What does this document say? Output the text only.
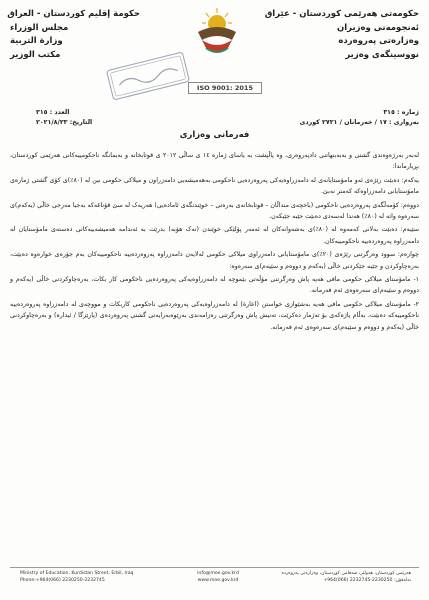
حکومەتی هەرێمی کوردستان - عێراق
ئەنجومەنی وەزیران
وەزارەتی پەروەردە
نووسینگەی وەزیر
حكومة إقليم كوردستان - العراق
مجلس الوزراء
وزارة التربية
مكتب الوزير
ISO 9001: 2015
ژمارە : ٣١٥
بەرواری : ١٧ / خەرمانان / ٢٧٢١ کوردی
العدد : ٣١٥
التاريخ: ٢٠٢١/٨/٢٣
فەرمانی وەزاری

لەبەر بەرژەوەندی گشتی و بەبەبنهاتنی دادپەروەری، وە پاڵپشت بە یاسای ژمارە ١٤ ی ساڵی ٢٠١٢ ی قوتابخانە و بەیمانگە ناحکومییەکانی هەرێمی کوردستان، بڕیارماندا:

یەکەم: دەبێت رێژەی ئەو مامۆستایانەی لە دامەزراوەیەکی پەروەردەیی ناحکومی بەهەمیشەیی دامەزراون و میلاکی حکومی نین لە (٨٠٪)ی کۆی گشتی ژمارەی مامۆستایانی دامەزراوەکە کەمتر نەبێ.

دووەم: کۆمەڵگەی پەروەردەیی ناحکومی (باخچەی منداڵان – قوتابخانەی بەرەتی – خوێندنگەی ئامادەیی) هەریەک لە سێ قۆناغەکە بەجیا مەرجی خاڵی (یەکەم)ی سەرەوە واتە لە (٨٠٪) هەندا لەسەدی دەبێت جێبە جێبکەن.

سێیەم: دەبێت بەلانی کەمەوە لە (٨٠٪)ی بەشەوانەکان لە ئەمەر پۆلێکی خوێندن (نەک هۆبە) بدرێت بە ئەندامە هەمیشەییەکانی دەستەی مامۆستایان لە دامەزراوە پەروەردەییە ناحکومییەکان.

چوارەم: سوود وەرگرتنی رێژەی (٢٠٪)ی مامۆستایانی دامەزراوی میلاکی حکومی لەلایەن دامەزراوە پەروەردەییە ناحکومییەکان بەم جۆرەی خوارەوە دەبێت، بەرەچاوکردن و جێبە جێکردنی خاڵی (یەکەم و دووەم و سێیەم)ی سەرەوە:

١- مامۆستای میلاکی حکومی مافی هەیە پاش وەرگرتنی مۆڵەتی بێموچە لە دامەزراوەیەکی پەروەردەیی ناحکومی کار بکات، بەرەچاوکردنی خاڵی (یەکەم و دووەم و سێیەم)ی سەرەوەی ئەم فەرمانە.

٢- مامۆستای میلاکی حکومی مافی هەیە بەشێوازی خواستن (اعارة) لە دامەزراوەیەکی پەروەردەیی ناحکومی کاربکات و مووچەی لە دامەزراوە پەروەردەییە ناحکومییەکە دەبێت، بەڵام پاژەکەی بۆ تەژمار دەکرێت، تەنیش پاش وەرگرتنی رەزامەندی بەرێوەبەرایەتی گشتی پەروەردەی (پارێزگا / ئیدارە) و بەرەچاوکردنی خاڵی (یەکەم و دووەم و سێیەم)ی سەرەوەی ئەم فەرمانە.

Ministry of Education, Kurdistan Street, Erbil, Iraq
Phone:+964(066) 2230250-2232745
info@moe.gov.krd
www.moe.gov.krd
هەرێمی کوردستان، هەولێر، شەقامی کوردستان، وەزارەتی پەروەردە
تەلەفۆن: 2230250-2232745 (066)964+
